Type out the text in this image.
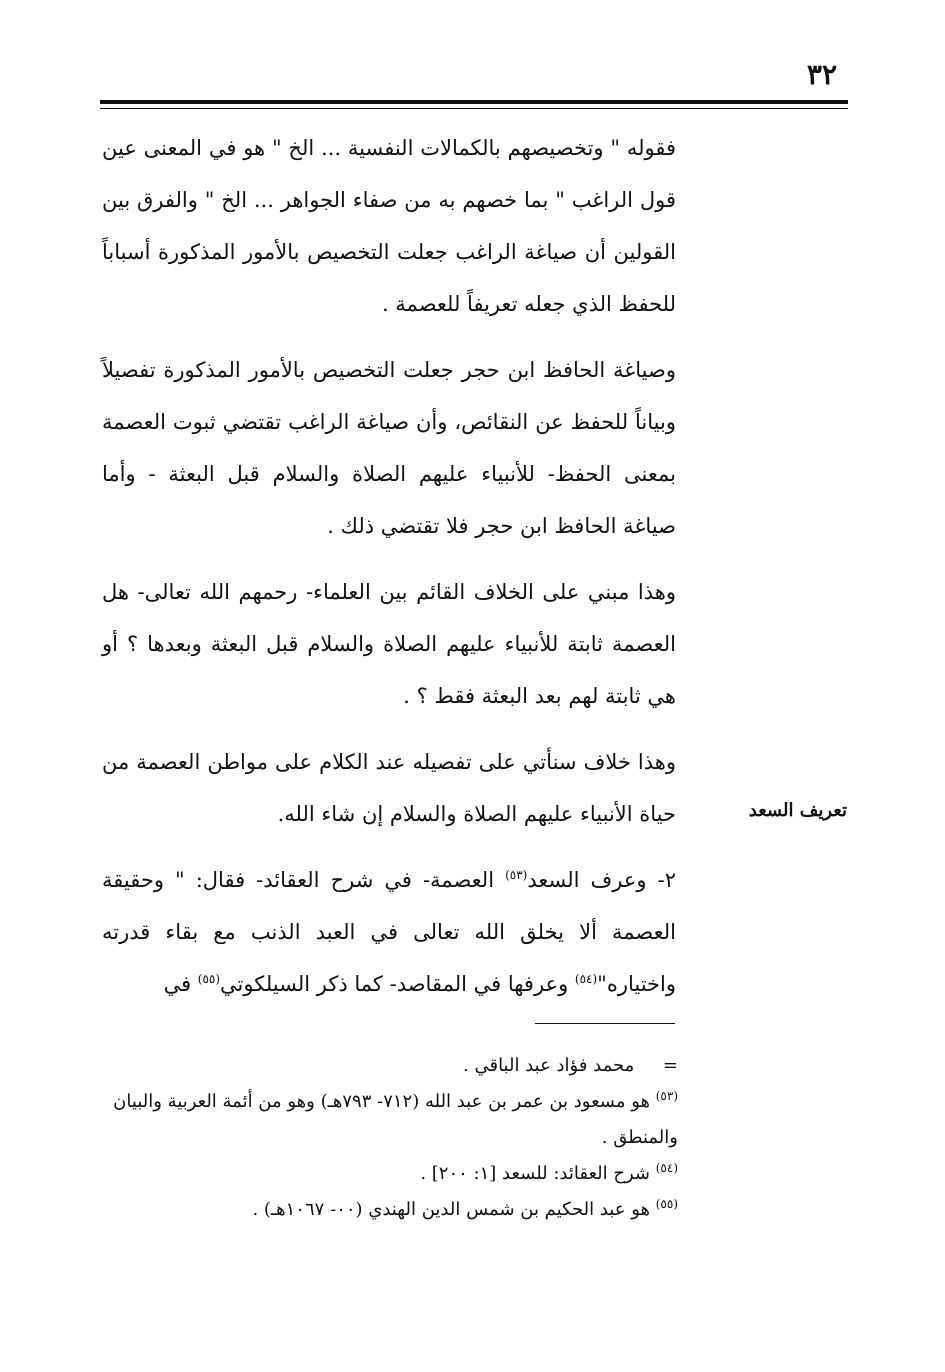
٣٢

فقوله " وتخصيصهم بالكمالات النفسية ... الخ " هو في المعنى عين قول الراغب " بما خصهم به من صفاء الجواهر ... الخ " والفرق بين القولين أن صياغة الراغب جعلت التخصيص بالأمور المذكورة أسباباً للحفظ الذي جعله تعريفاً للعصمة .

وصياغة الحافظ ابن حجر جعلت التخصيص بالأمور المذكورة تفصيلاً وبياناً للحفظ عن النقائص، وأن صياغة الراغب تقتضي ثبوت العصمة بمعنى الحفظ- للأنبياء عليهم الصلاة والسلام قبل البعثة - وأما صياغة الحافظ ابن حجر فلا تقتضي ذلك .

وهذا مبني على الخلاف القائم بين العلماء- رحمهم الله تعالى- هل العصمة ثابتة للأنبياء عليهم الصلاة والسلام قبل البعثة وبعدها ؟ أو هي ثابتة لهم بعد البعثة فقط ؟ .

وهذا خلاف سنأتي على تفصيله عند الكلام على مواطن العصمة من حياة الأنبياء عليهم الصلاة والسلام إن شاء الله.

٢- وعرف السعد$^{(٥٣)}$ العصمة- في شرح العقائد- فقال: " وحقيقة العصمة ألا يخلق الله تعالى في العبد الذنب مع بقاء قدرته واختياره"$^{(٥٤)}$ وعرفها في المقاصد- كما ذكر السيلكوتي$^{(٥٥)}$ في

تعريف السعد

=     محمد فؤاد عبد الباقي .

$^{(٥٣)}$ هو مسعود بن عمر بن عبد الله (٧١٢- ٧٩٣هـ) وهو من أئمة العربية والبيان والمنطق .

$^{(٥٤)}$ شرح العقائد: للسعد [١: ٢٠٠] .

$^{(٥٥)}$ هو عبد الحكيم بن شمس الدين الهندي (٠٠- ١٠٦٧هـ) .
